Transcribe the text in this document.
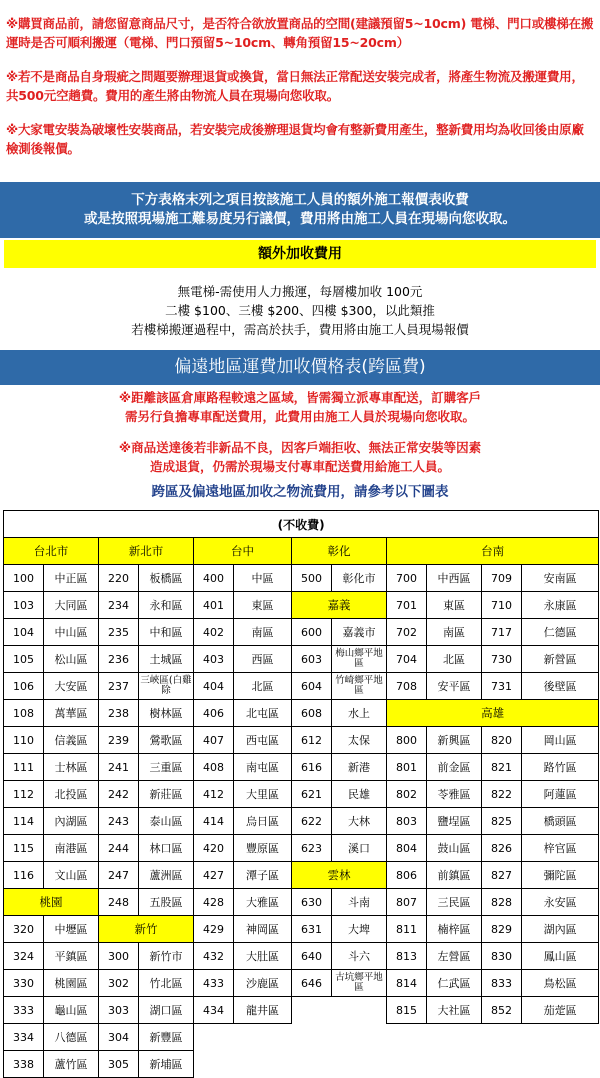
※購買商品前，請您留意商品尺寸，是否符合欲放置商品的空間(建議預留5~10cm) 電梯、門口或樓梯在搬運時是否可順利搬運（電梯、門口預留5~10cm、轉角預留15~20cm）

※若不是商品自身瑕疵之問題要辦理退貨或換貨，當日無法正常配送安裝完成者，將產生物流及搬運費用，共500元空趟費。費用的產生將由物流人員在現場向您收取。

※大家電安裝為破壞性安裝商品，若安裝完成後辦理退貨均會有整新費用產生，整新費用均為收回後由原廠檢測後報價。

下方表格末列之項目按該施工人員的額外施工報價表收費
或是按照現場施工難易度另行議價，費用將由施工人員在現場向您收取。
額外加收費用
無電梯-需使用人力搬運，每層樓加收 100元
二樓 $100、三樓 $200、四樓 $300，以此類推
若樓梯搬運過程中，需高於扶手，費用將由施工人員現場報價
偏遠地區運費加收價格表(跨區費)
※距離該區倉庫路程較遠之區域，皆需獨立派專車配送，訂購客戶
需另行負擔專車配送費用，此費用由施工人員於現場向您收取。
※商品送達後若非新品不良，因客戶端拒收、無法正常安裝等因素
造成退貨，仍需於現場支付專車配送費用給施工人員。
跨區及偏遠地區加收之物流費用，請參考以下圖表
(不收費)											
台北市		新北市		台中		彰化		台南			
100	中正區	220	板橋區	400	中區	500	彰化市	700	中西區	709	安南區
103	大同區	234	永和區	401	東區	嘉義		701	東區	710	永康區
104	中山區	235	中和區	402	南區	600	嘉義市	702	南區	717	仁德區
105	松山區	236	土城區	403	西區	603	梅山鄉平地區	704	北區	730	新營區
106	大安區	237	三峽區(白雞除	404	北區	604	竹崎鄉平地區	708	安平區	731	後壁區
108	萬華區	238	樹林區	406	北屯區	608	水上	高雄			
110	信義區	239	鶯歌區	407	西屯區	612	太保	800	新興區	820	岡山區
111	士林區	241	三重區	408	南屯區	616	新港	801	前金區	821	路竹區
112	北投區	242	新莊區	412	大里區	621	民雄	802	苓雅區	822	阿蓮區
114	內湖區	243	泰山區	414	烏日區	622	大林	803	鹽埕區	825	橋頭區
115	南港區	244	林口區	420	豐原區	623	溪口	804	鼓山區	826	梓官區
116	文山區	247	蘆洲區	427	潭子區	雲林		806	前鎮區	827	彌陀區
桃園		248	五股區	428	大雅區	630	斗南	807	三民區	828	永安區
320	中壢區	新竹		429	神岡區	631	大埤	811	楠梓區	829	湖內區
324	平鎮區	300	新竹市	432	大肚區	640	斗六	813	左營區	830	鳳山區
330	桃園區	302	竹北區	433	沙鹿區	646	古坑鄉平地區	814	仁武區	833	鳥松區
333	龜山區	303	湖口區	434	龍井區			815	大社區	852	茄萣區
334	八德區	304	新豐區								
338	蘆竹區	305	新埔區								
